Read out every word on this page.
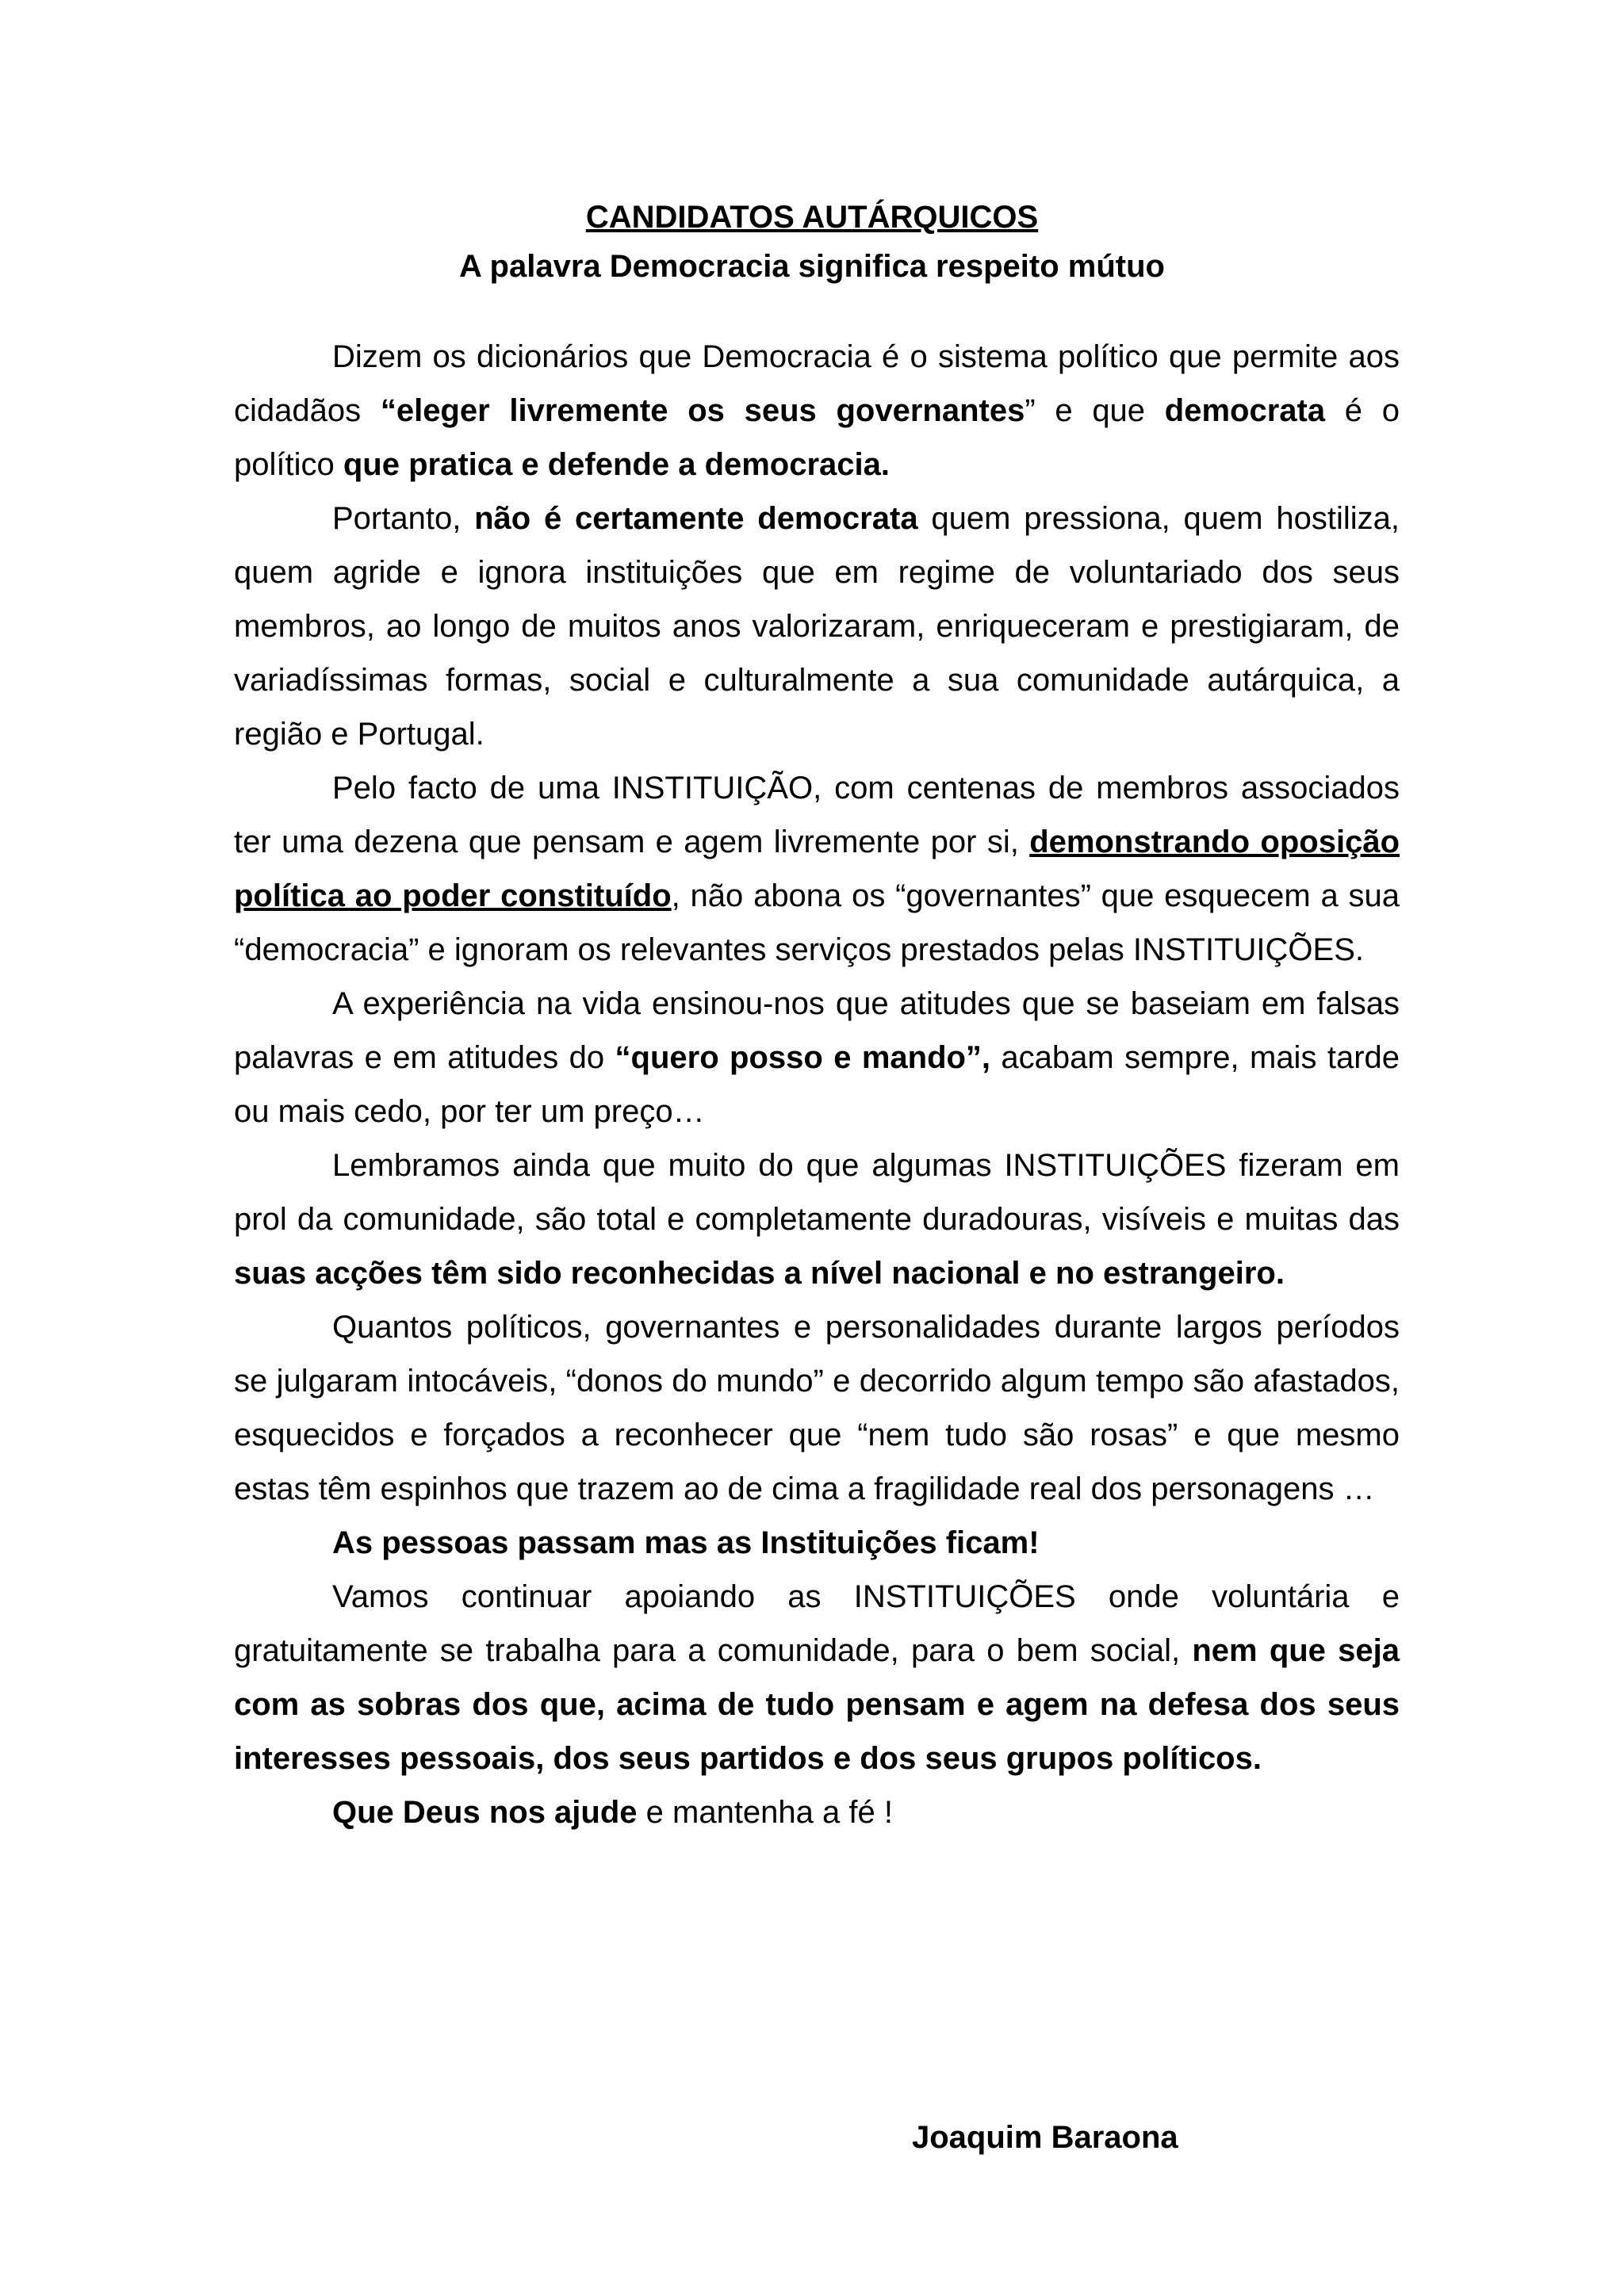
CANDIDATOS AUTÁRQUICOS
A palavra Democracia significa respeito mútuo

Dizem os dicionários que Democracia é o sistema político que permite aos cidadãos “eleger livremente os seus governantes” e que democrata é o político que pratica e defende a democracia.

Portanto, não é certamente democrata quem pressiona, quem hostiliza, quem agride e ignora instituições que em regime de voluntariado dos seus membros, ao longo de muitos anos valorizaram, enriqueceram e prestigiaram, de variadíssimas formas, social e culturalmente a sua comunidade autárquica, a região e Portugal.

Pelo facto de uma INSTITUIÇÃO, com centenas de membros associados ter uma dezena que pensam e agem livremente por si, demonstrando oposição política ao poder constituído, não abona os “governantes” que esquecem a sua “democracia” e ignoram os relevantes serviços prestados pelas INSTITUIÇÕES.

A experiência na vida ensinou-nos que atitudes que se baseiam em falsas palavras e em atitudes do “quero posso e mando”, acabam sempre, mais tarde ou mais cedo, por ter um preço…

Lembramos ainda que muito do que algumas INSTITUIÇÕES fizeram em prol da comunidade, são total e completamente duradouras, visíveis e muitas das suas acções têm sido reconhecidas a nível nacional e no estrangeiro.

Quantos políticos, governantes e personalidades durante largos períodos se julgaram intocáveis, “donos do mundo” e decorrido algum tempo são afastados, esquecidos e forçados a reconhecer que “nem tudo são rosas” e que mesmo estas têm espinhos que trazem ao de cima a fragilidade real dos personagens …

As pessoas passam mas as Instituições ficam!

Vamos continuar apoiando as INSTITUIÇÕES onde voluntária e gratuitamente se trabalha para a comunidade, para o bem social, nem que seja com as sobras dos que, acima de tudo pensam e agem na defesa dos seus interesses pessoais, dos seus partidos e dos seus grupos políticos.

Que Deus nos ajude e mantenha a fé !

Joaquim Baraona
